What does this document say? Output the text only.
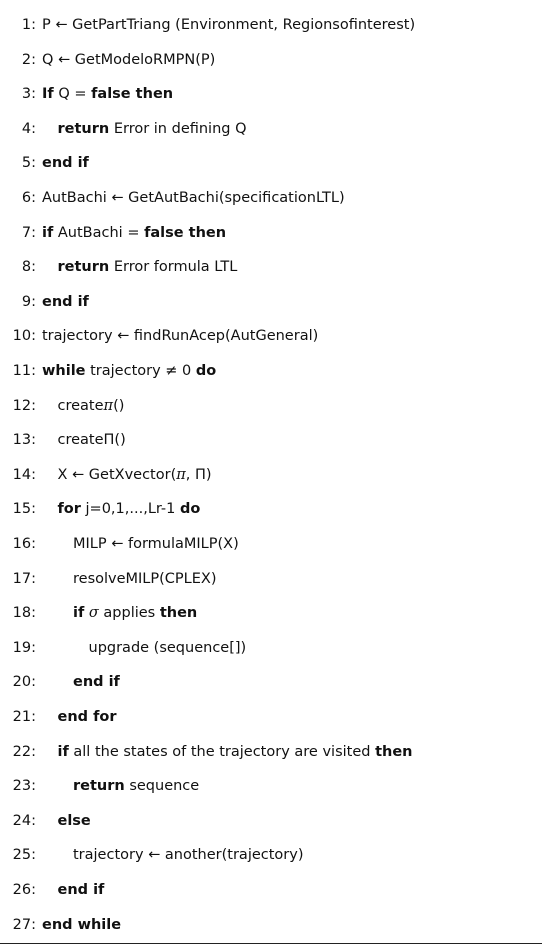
1: P ← GetPartTriang (Environment, Regionsofinterest)
2: Q ← GetModeloRMPN(P)
3: If Q = false then
4: return Error in defining Q
5: end if
6: AutBachi ← GetAutBachi(specificationLTL)
7: if AutBachi = false then
8: return Error formula LTL
9: end if
10: trajectory ← findRunAcep(AutGeneral)
11: while trajectory ≠ 0 do
12: createπ()
13: createΠ()
14: X ← GetXvector(π, Π)
15: for j=0,1,...,Lr-1 do
16:	MILP ← formulaMILP(X)
17:	resolveMILP(CPLEX)
18:	if σ applies then
19:	upgrade (sequence[])
20:	end if
21: end for
22: if all the states of the trajectory are visited then
23:	return sequence
24: else
25:	trajectory ← another(trajectory)
26: end if
27: end while
